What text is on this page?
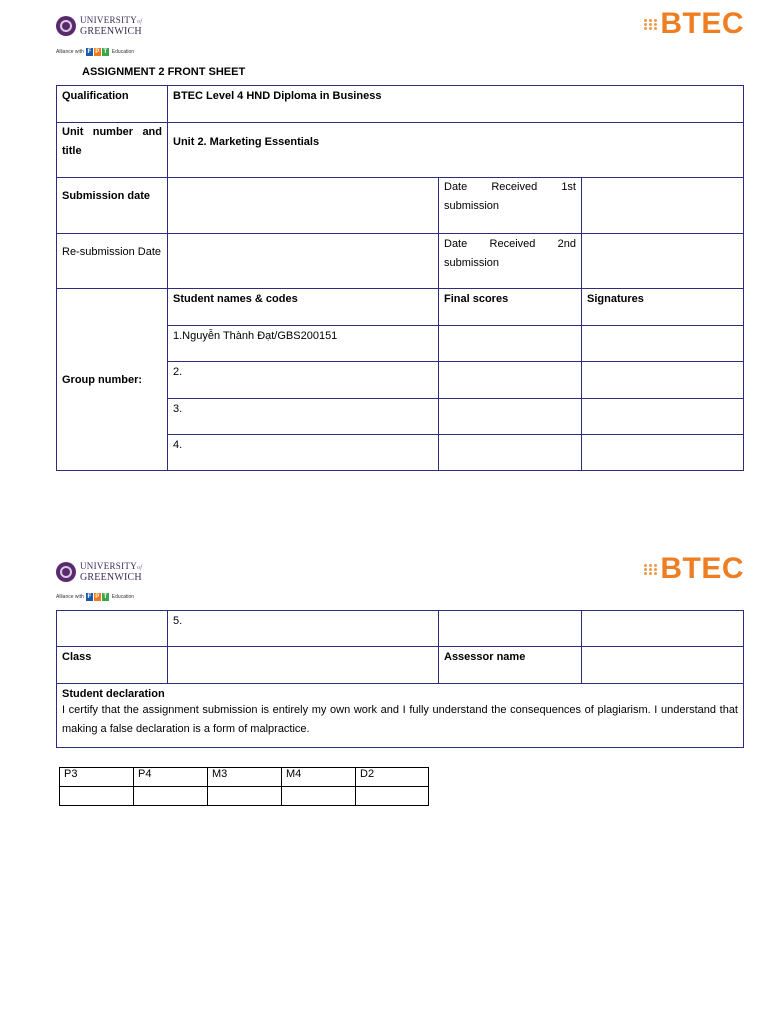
UNIVERSITYof
GREENWICH
Alliance with F P T Education
BTEC
ASSIGNMENT 2 FRONT SHEET
Qualification	BTEC Level 4 HND Diploma in Business		
Unit number and title	Unit 2. Marketing Essentials		
Submission date		Date Received 1st
submission	

Re-submission Date		Date Received 2nd
submission	

Group number:	Student names & codes	Final scores	Signatures
	1.Nguyễn Thành Đạt/GBS200151		
	2.		
	3.		
	4.		
UNIVERSITYof
GREENWICH
Alliance with F P T Education
BTEC
	5.		
Class		Assessor name	

Student declaration
I certify that the assignment submission is entirely my own work and I fully understand the consequences of plagiarism. I understand that
making a false declaration is a form of malpractice.			
P3	P4	M3	M4	D2
